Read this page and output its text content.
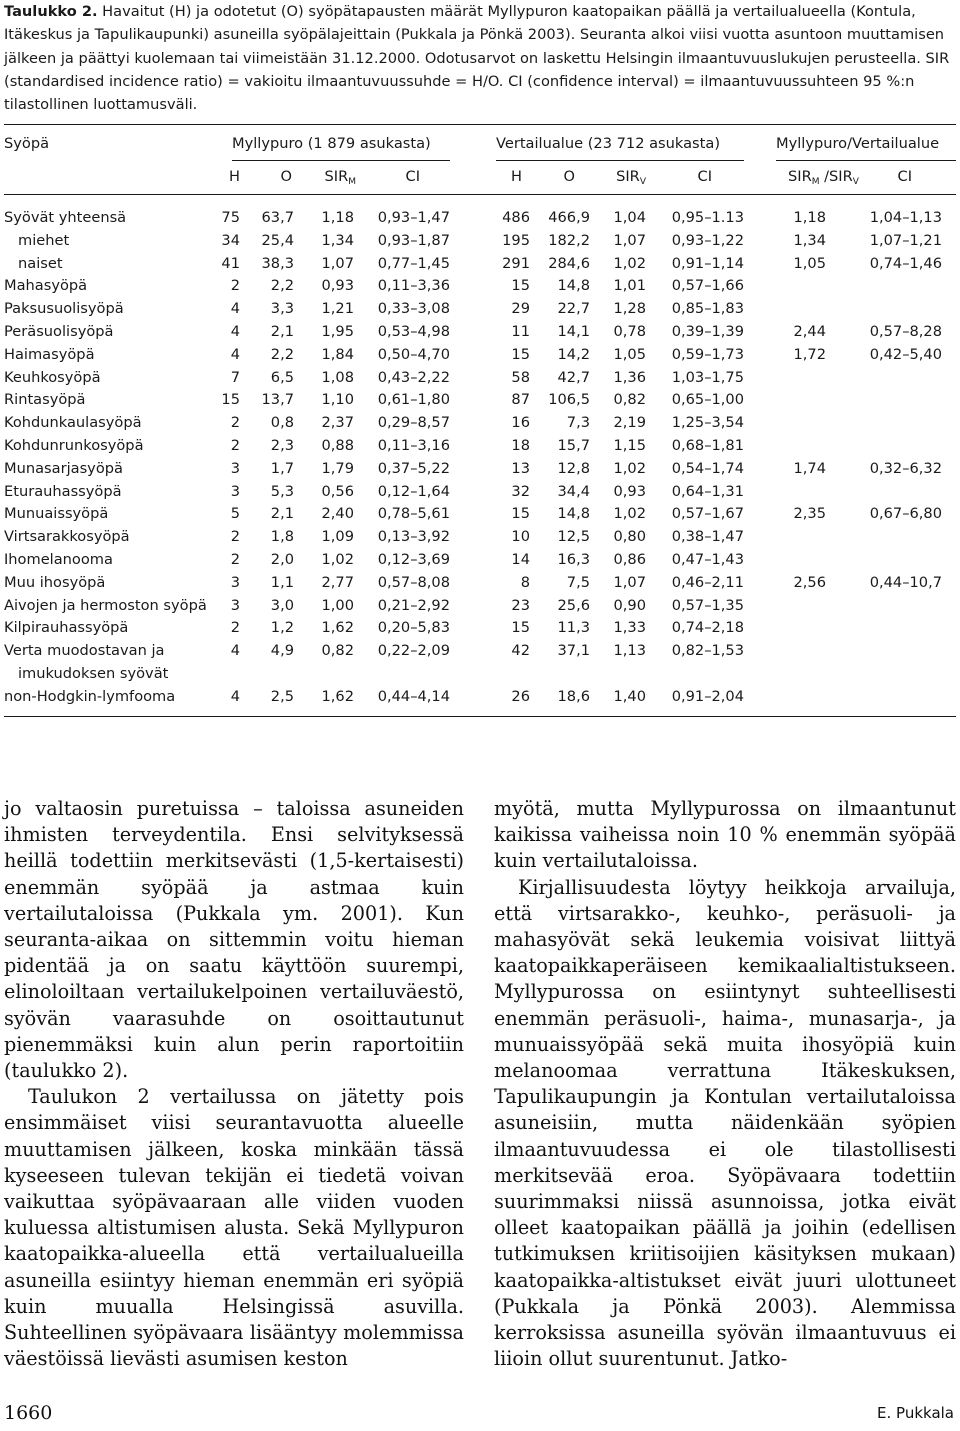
Taulukko 2. Havaitut (H) ja odotetut (O) syöpätapausten määrät Myllypuron kaatopaikan päällä ja vertailualueella (Kontula, Itäkeskus ja Tapulikaupunki) asuneilla syöpälajeittain (Pukkala ja Pönkä 2003). Seuranta alkoi viisi vuotta asuntoon muuttamisen jälkeen ja päättyi kuolemaan tai viimeistään 31.12.2000. Odotusarvot on laskettu Helsingin ilmaantuvuuslukujen perusteella. SIR (standardised incidence ratio) = vakioitu ilmaantuvuussuhde = H/O. CI (confidence interval) = ilmaantuvuussuhteen 95 %:n tilastollinen luottamusväli.
Syöpä	Myllypuro (1 879 asukasta)	Vertailualue (23 712 asukasta)	Myllypuro/Vertailualue
H	O	$SIR_M$	CI	H	O	$SIR_V$	CI	$SIR_M$ $/SIR_V$	CI
Syövät yhteensä	75	63,7	1,18	0,93–1,47	486	466,9	1,04	0,95–1.13	1,18	1,04–1,13
miehet	34	25,4	1,34	0,93–1,87	195	182,2	1,07	0,93–1,22	1,34	1,07–1,21
naiset	41	38,3	1,07	0,77–1,45	291	284,6	1,02	0,91–1,14	1,05	0,74–1,46
Mahasyöpä	2	2,2	0,93	0,11–3,36	15	14,8	1,01	0,57–1,66
Paksusuolisyöpä	4	3,3	1,21	0,33–3,08	29	22,7	1,28	0,85–1,83
Peräsuolisyöpä	4	2,1	1,95	0,53–4,98	11	14,1	0,78	0,39–1,39	2,44	0,57–8,28
Haimasyöpä	4	2,2	1,84	0,50–4,70	15	14,2	1,05	0,59–1,73	1,72	0,42–5,40
Keuhkosyöpä	7	6,5	1,08	0,43–2,22	58	42,7	1,36	1,03–1,75
Rintasyöpä	15	13,7	1,10	0,61–1,80	87	106,5	0,82	0,65–1,00
Kohdunkaulasyöpä	2	0,8	2,37	0,29–8,57	16	7,3	2,19	1,25–3,54
Kohdunrunkosyöpä	2	2,3	0,88	0,11–3,16	18	15,7	1,15	0,68–1,81
Munasarjasyöpä	3	1,7	1,79	0,37–5,22	13	12,8	1,02	0,54–1,74	1,74	0,32–6,32
Eturauhassyöpä	3	5,3	0,56	0,12–1,64	32	34,4	0,93	0,64–1,31
Munuaissyöpä	5	2,1	2,40	0,78–5,61	15	14,8	1,02	0,57–1,67	2,35	0,67–6,80
Virtsarakkosyöpä	2	1,8	1,09	0,13–3,92	10	12,5	0,80	0,38–1,47
Ihomelanooma	2	2,0	1,02	0,12–3,69	14	16,3	0,86	0,47–1,43
Muu ihosyöpä	3	1,1	2,77	0,57–8,08	8	7,5	1,07	0,46–2,11	2,56	0,44–10,7
Aivojen ja hermoston syöpä	3	3,0	1,00	0,21–2,92	23	25,6	0,90	0,57–1,35
Kilpirauhassyöpä	2	1,2	1,62	0,20–5,83	15	11,3	1,33	0,74–2,18
Verta muodostavan ja	4	4,9	0,82	0,22–2,09	42	37,1	1,13	0,82–1,53
imukudoksen syövät
non-Hodgkin-lymfooma	4	2,5	1,62	0,44–4,14	26	18,6	1,40	0,91–2,04

jo valtaosin puretuissa – taloissa asuneiden ihmisten terveydentila. Ensi selvityksessä heillä todettiin merkitsevästi (1,5-kertaisesti) enemmän syöpää ja astmaa kuin vertailutaloissa (Pukkala ym. 2001). Kun seuranta-aikaa on sittemmin voitu hieman pidentää ja on saatu käyttöön suurempi, elinoloiltaan vertailukelpoinen vertailuväestö, syövän vaarasuhde on osoittautunut pienemmäksi kuin alun perin raportoitiin (taulukko 2).

Taulukon 2 vertailussa on jätetty pois ensimmäiset viisi seurantavuotta alueelle muuttamisen jälkeen, koska minkään tässä kyseeseen tulevan tekijän ei tiedetä voivan vaikuttaa syöpävaaraan alle viiden vuoden kuluessa altistumisen alusta. Sekä Myllypuron kaatopaikka-alueella että vertailualueilla asuneilla esiintyy hieman enemmän eri syöpiä kuin muualla Helsingissä asuvilla. Suhteellinen syöpävaara lisääntyy molemmissa väestöissä lievästi asumisen keston

myötä, mutta Myllypurossa on ilmaantunut kaikissa vaiheissa noin 10 % enemmän syöpää kuin vertailutaloissa.

Kirjallisuudesta löytyy heikkoja arvailuja, että virtsarakko-, keuhko-, peräsuoli- ja mahasyövät sekä leukemia voisivat liittyä kaatopaikkaperäiseen kemikaalialtistukseen. Myllypurossa on esiintynyt suhteellisesti enemmän peräsuoli-, haima-, munasarja-, ja munuaissyöpää sekä muita ihosyöpiä kuin melanoomaa verrattuna Itäkeskuksen, Tapulikaupungin ja Kontulan vertailutaloissa asuneisiin, mutta näidenkään syöpien ilmaantuvuudessa ei ole tilastollisesti merkitsevää eroa. Syöpävaara todettiin suurimmaksi niissä asunnoissa, jotka eivät olleet kaatopaikan päällä ja joihin (edellisen tutkimuksen kriitisoijien käsityksen mukaan) kaatopaikka-altistukset eivät juuri ulottuneet (Pukkala ja Pönkä 2003). Alemmissa kerroksissa asuneilla syövän ilmaantuvuus ei liioin ollut suurentunut. Jatko-

1660	E. Pukkala
